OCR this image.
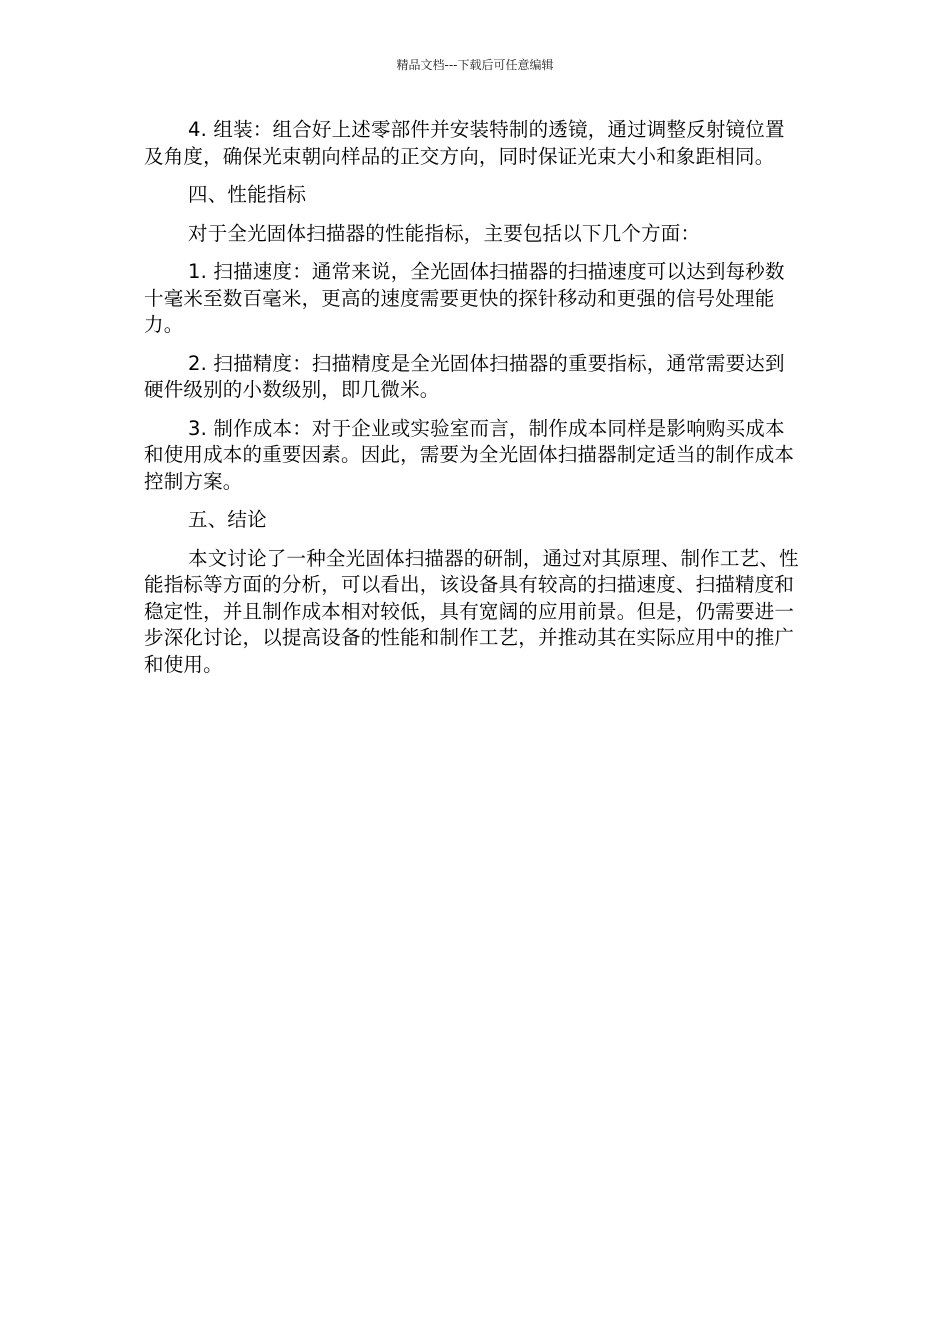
精品文档---下载后可任意编辑

4. 组装：组合好上述零部件并安装特制的透镜，通过调整反射镜位置及角度，确保光束朝向样品的正交方向，同时保证光束大小和象距相同。

四、性能指标

对于全光固体扫描器的性能指标，主要包括以下几个方面：

1. 扫描速度：通常来说，全光固体扫描器的扫描速度可以达到每秒数十毫米至数百毫米，更高的速度需要更快的探针移动和更强的信号处理能力。

2. 扫描精度：扫描精度是全光固体扫描器的重要指标，通常需要达到硬件级别的小数级别，即几微米。

3. 制作成本：对于企业或实验室而言，制作成本同样是影响购买成本和使用成本的重要因素。因此，需要为全光固体扫描器制定适当的制作成本控制方案。

五、结论

本文讨论了一种全光固体扫描器的研制，通过对其原理、制作工艺、性能指标等方面的分析，可以看出，该设备具有较高的扫描速度、扫描精度和稳定性，并且制作成本相对较低，具有宽阔的应用前景。但是，仍需要进一步深化讨论，以提高设备的性能和制作工艺，并推动其在实际应用中的推广和使用。
